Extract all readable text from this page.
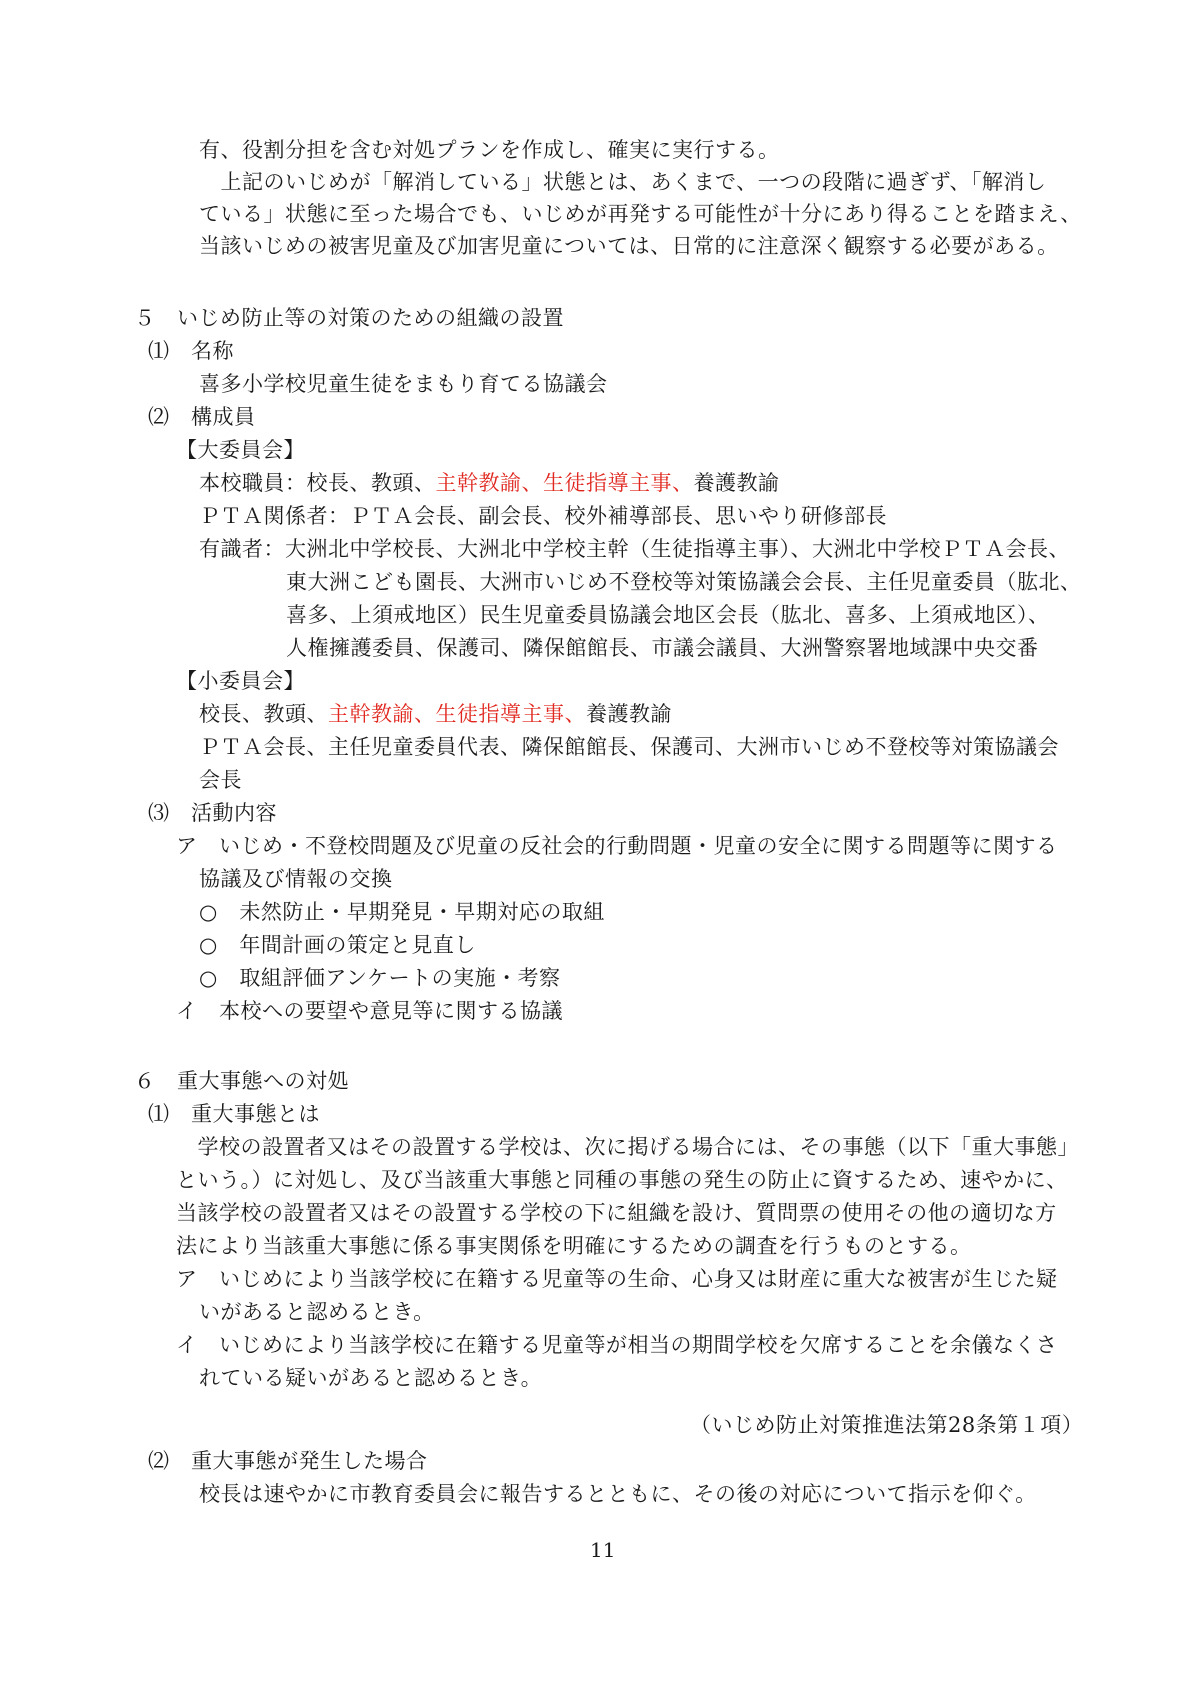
有、役割分担を含む対処プランを作成し、確実に実行する。
　上記のいじめが「解消している」状態とは、あくまで、一つの段階に過ぎず、「解消し
ている」状態に至った場合でも、いじめが再発する可能性が十分にあり得ることを踏まえ、
当該いじめの被害児童及び加害児童については、日常的に注意深く観察する必要がある。
５　いじめ防止等の対策のための組織の設置
⑴　名称
喜多小学校児童生徒をまもり育てる協議会
⑵　構成員
【大委員会】
本校職員：校長、教頭、主幹教諭、生徒指導主事、養護教諭
ＰＴＡ関係者：ＰＴＡ会長、副会長、校外補導部長、思いやり研修部長
有識者：大洲北中学校長、大洲北中学校主幹（生徒指導主事）、大洲北中学校ＰＴＡ会長、
東大洲こども園長、大洲市いじめ不登校等対策協議会会長、主任児童委員（肱北、
喜多、上須戒地区）民生児童委員協議会地区会長（肱北、喜多、上須戒地区）、
人権擁護委員、保護司、隣保館館長、市議会議員、大洲警察署地域課中央交番
【小委員会】
校長、教頭、主幹教諭、生徒指導主事、養護教諭
ＰＴＡ会長、主任児童委員代表、隣保館館長、保護司、大洲市いじめ不登校等対策協議会
会長
⑶　活動内容
ア　いじめ・不登校問題及び児童の反社会的行動問題・児童の安全に関する問題等に関する
協議及び情報の交換
○　未然防止・早期発見・早期対応の取組
○　年間計画の策定と見直し
○　取組評価アンケートの実施・考察
イ　本校への要望や意見等に関する協議
６　重大事態への対処
⑴　重大事態とは
　学校の設置者又はその設置する学校は、次に掲げる場合には、その事態（以下「重大事態」
という。）に対処し、及び当該重大事態と同種の事態の発生の防止に資するため、速やかに、
当該学校の設置者又はその設置する学校の下に組織を設け、質問票の使用その他の適切な方
法により当該重大事態に係る事実関係を明確にするための調査を行うものとする。
ア　いじめにより当該学校に在籍する児童等の生命、心身又は財産に重大な被害が生じた疑
いがあると認めるとき。
イ　いじめにより当該学校に在籍する児童等が相当の期間学校を欠席することを余儀なくさ
れている疑いがあると認めるとき。
（いじめ防止対策推進法第28条第１項）
⑵　重大事態が発生した場合
校長は速やかに市教育委員会に報告するとともに、その後の対応について指示を仰ぐ。
11
